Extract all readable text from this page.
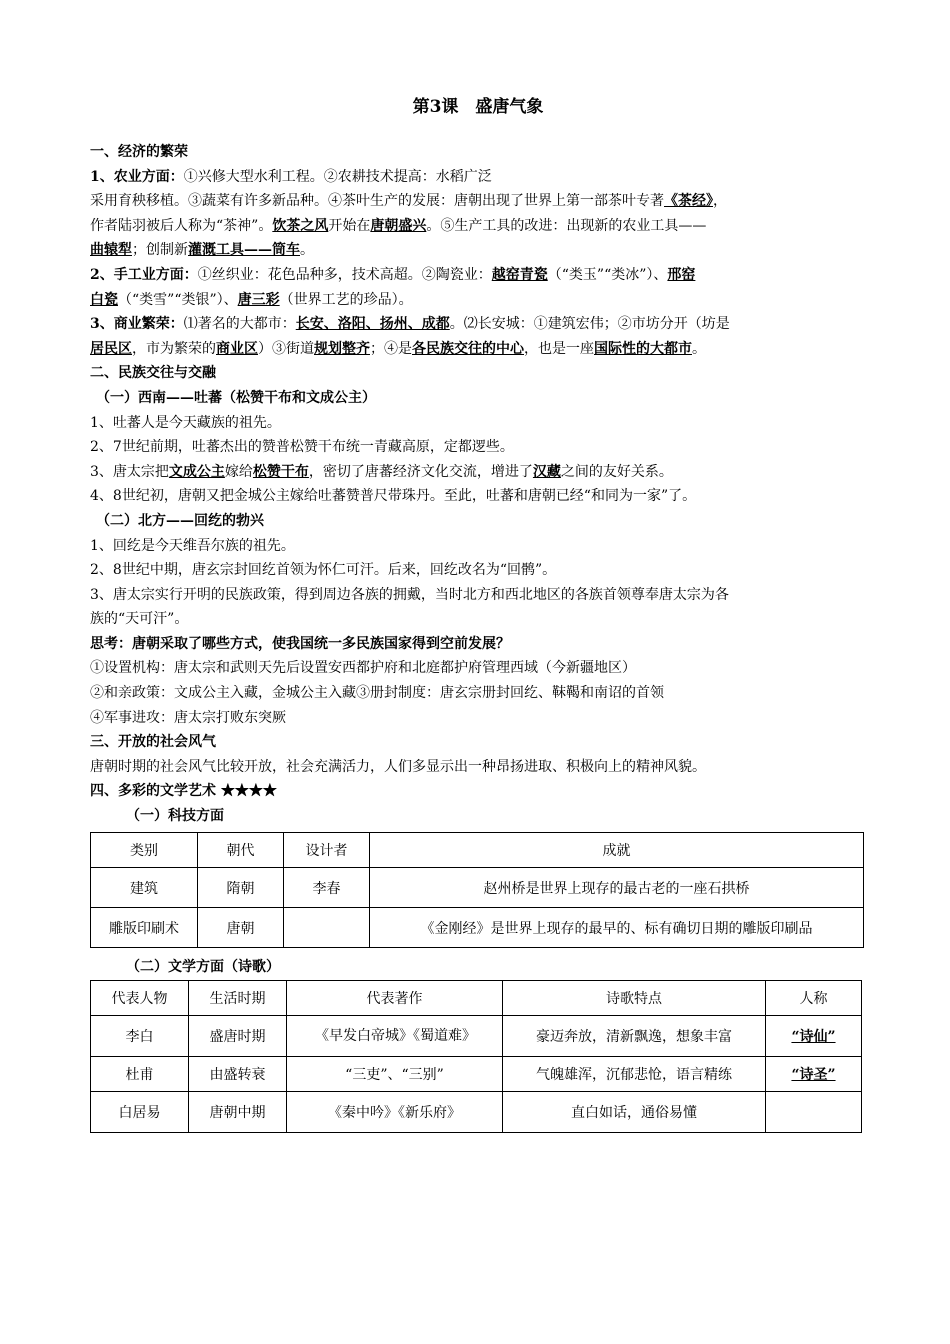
第3课　盛唐气象
一、经济的繁荣
1、农业方面：①兴修大型水利工程。②农耕技术提高：水稻广泛
采用育秧移植。③蔬菜有许多新品种。④茶叶生产的发展：唐朝出现了世界上第一部茶叶专著《茶经》，
作者陆羽被后人称为“茶神”。饮茶之风开始在唐朝盛兴。⑤生产工具的改进：出现新的农业工具——
曲辕犁；创制新灌溉工具——筒车。
2、手工业方面：①丝织业：花色品种多，技术高超。②陶瓷业：越窑青瓷（“类玉”“类冰”）、邢窑
白瓷（“类雪”“类银”）、唐三彩（世界工艺的珍品）。
3、商业繁荣：⑴著名的大都市：长安、洛阳、扬州、成都。⑵长安城：①建筑宏伟；②市坊分开（坊是
居民区，市为繁荣的商业区）③街道规划整齐；④是各民族交往的中心，也是一座国际性的大都市。
二、民族交往与交融
（一）西南——吐蕃（松赞干布和文成公主）
1、吐蕃人是今天藏族的祖先。
2、7世纪前期，吐蕃杰出的赞普松赞干布统一青藏高原，定都逻些。
3、唐太宗把文成公主嫁给松赞干布，密切了唐蕃经济文化交流，增进了汉藏之间的友好关系。
4、8世纪初，唐朝又把金城公主嫁给吐蕃赞普尺带珠丹。至此，吐蕃和唐朝已经“和同为一家”了。
（二）北方——回纥的勃兴
1、回纥是今天维吾尔族的祖先。
2、8世纪中期，唐玄宗封回纥首领为怀仁可汗。后来，回纥改名为“回鹘”。
3、唐太宗实行开明的民族政策，得到周边各族的拥戴，当时北方和西北地区的各族首领尊奉唐太宗为各
族的“天可汗”。
思考：唐朝采取了哪些方式，使我国统一多民族国家得到空前发展？
①设置机构：唐太宗和武则天先后设置安西都护府和北庭都护府管理西域（今新疆地区）
②和亲政策：文成公主入藏，金城公主入藏③册封制度：唐玄宗册封回纥、靺鞨和南诏的首领
④军事进攻：唐太宗打败东突厥
三、开放的社会风气
唐朝时期的社会风气比较开放，社会充满活力，人们多显示出一种昂扬进取、积极向上的精神风貌。
四、多彩的文学艺术 ★★★★
（一）科技方面
类别	朝代	设计者	成就
建筑	隋朝	李春	赵州桥是世界上现存的最古老的一座石拱桥
雕版印刷术	唐朝		《金刚经》是世界上现存的最早的、标有确切日期的雕版印刷品
（二）文学方面（诗歌）
代表人物	生活时期	代表著作	诗歌特点	人称
李白	盛唐时期	《早发白帝城》《蜀道难》	豪迈奔放，清新飘逸，想象丰富	“诗仙”
杜甫	由盛转衰	“三吏”、“三别”	气魄雄浑，沉郁悲怆，语言精练	“诗圣”
白居易	唐朝中期	《秦中吟》《新乐府》	直白如话，通俗易懂	
